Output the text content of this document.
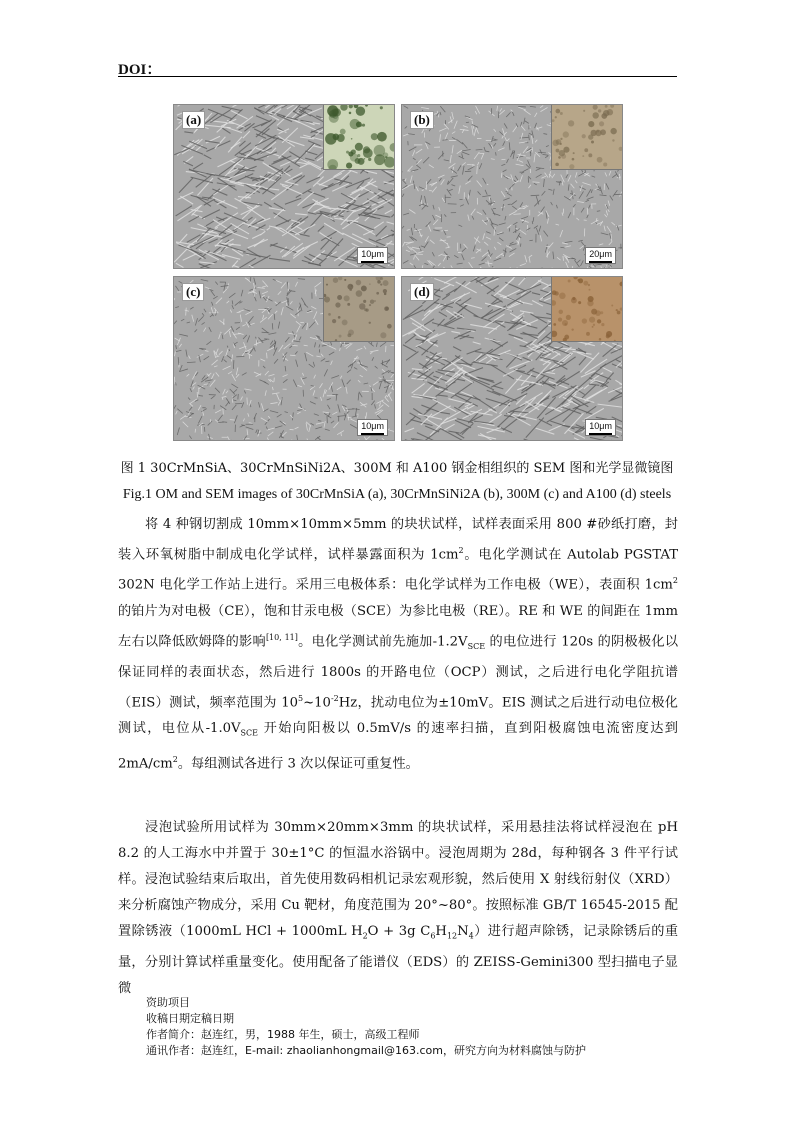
DOI：
(a)
10μm
(b)
20μm
(c)
10μm
(d)
10μm
图 1 30CrMnSiA、30CrMnSiNi2A、300M 和 A100 钢金相组织的 SEM 图和光学显微镜图
Fig.1 OM and SEM images of 30CrMnSiA (a), 30CrMnSiNi2A (b), 300M (c) and A100 (d) steels
将 4 种钢切割成 10mm×10mm×5mm 的块状试样，试样表面采用 800 #砂纸打磨，封装入环氧树脂中制成电化学试样，试样暴露面积为 $1cm^2$。电化学测试在 Autolab PGSTAT 302N 电化学工作站上进行。采用三电极体系：电化学试样为工作电极（WE），表面积 $1cm^2$ 的铂片为对电极（CE），饱和甘汞电极（SCE）为参比电极（RE）。RE 和 WE 的间距在 1mm 左右以降低欧姆降的影响[10, 11]。电化学测试前先施加$-1.2V_{SCE}$ 的电位进行 120s 的阴极极化以保证同样的表面状态，然后进行 1800s 的开路电位（OCP）测试，之后进行电化学阻抗谱（EIS）测试，频率范围为 $10^5\sim 10^{-2}Hz$，扰动电位为±10mV。EIS 测试之后进行动电位极化测试，电位从$-1.0V_{SCE}$ 开始向阳极以 0.5mV/s 的速率扫描，直到阳极腐蚀电流密度达到 $2mA/cm^2$。每组测试各进行 3 次以保证可重复性。
浸泡试验所用试样为 30mm×20mm×3mm 的块状试样，采用悬挂法将试样浸泡在 pH 8.2 的人工海水中并置于 30±1°C 的恒温水浴锅中。浸泡周期为 28d，每种钢各 3 件平行试样。浸泡试验结束后取出，首先使用数码相机记录宏观形貌，然后使用 X 射线衍射仪（XRD）来分析腐蚀产物成分，采用 Cu 靶材，角度范围为 20°~80°。按照标准 GB/T 16545-2015 配置除锈液（1000mL HCl + 1000mL $H_2O + 3g$ $C_6H_{12}N_4$）进行超声除锈，记录除锈后的重量，分别计算试样重量变化。使用配备了能谱仪（EDS）的 ZEISS-Gemini300 型扫描电子显微
资助项目
收稿日期定稿日期
作者简介：赵连红，男，1988 年生，硕士，高级工程师
通讯作者：赵连红，E-mail: zhaolianhongmail@163.com，研究方向为材料腐蚀与防护
